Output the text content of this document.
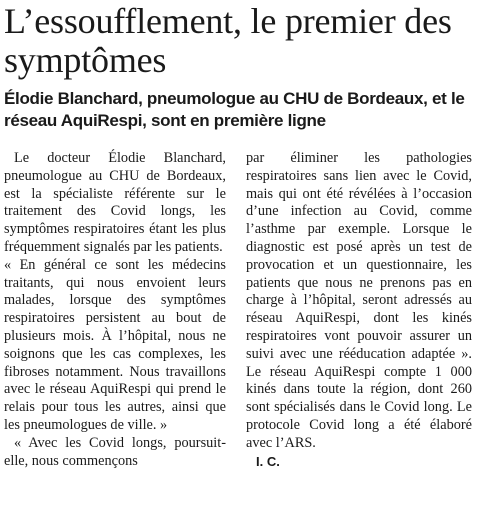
L’essoufflement, le premier des symptômes
Élodie Blanchard, pneumologue au CHU de Bordeaux, et le réseau AquiRespi, sont en première ligne

Le docteur Élodie Blanchard, pneumologue au CHU de Bordeaux, est la spécialiste référente sur le traitement des Covid longs, les symptômes respiratoires étant les plus fréquemment signalés par les patients.

« En général ce sont les médecins traitants, qui nous envoient leurs malades, lorsque des symptômes respiratoires persistent au bout de plusieurs mois. À l’hôpital, nous ne soignons que les cas complexes, les fibroses notamment. Nous travaillons avec le réseau AquiRespi qui prend le relais pour tous les autres, ainsi que les pneumologues de ville. »

« Avec les Covid longs, poursuit-elle, nous commençons

par éliminer les pathologies respiratoires sans lien avec le Covid, mais qui ont été révélées à l’occasion d’une infection au Covid, comme l’asthme par exemple. Lorsque le diagnostic est posé après un test de provocation et un questionnaire, les patients que nous ne prenons pas en charge à l’hôpital, seront adressés au réseau AquiRespi, dont les kinés respiratoires vont pouvoir assurer un suivi avec une rééducation adaptée ». Le réseau AquiRespi compte 1 000 kinés dans toute la région, dont 260 sont spécialisés dans le Covid long. Le protocole Covid long a été élaboré avec l’ARS.

I. C.
